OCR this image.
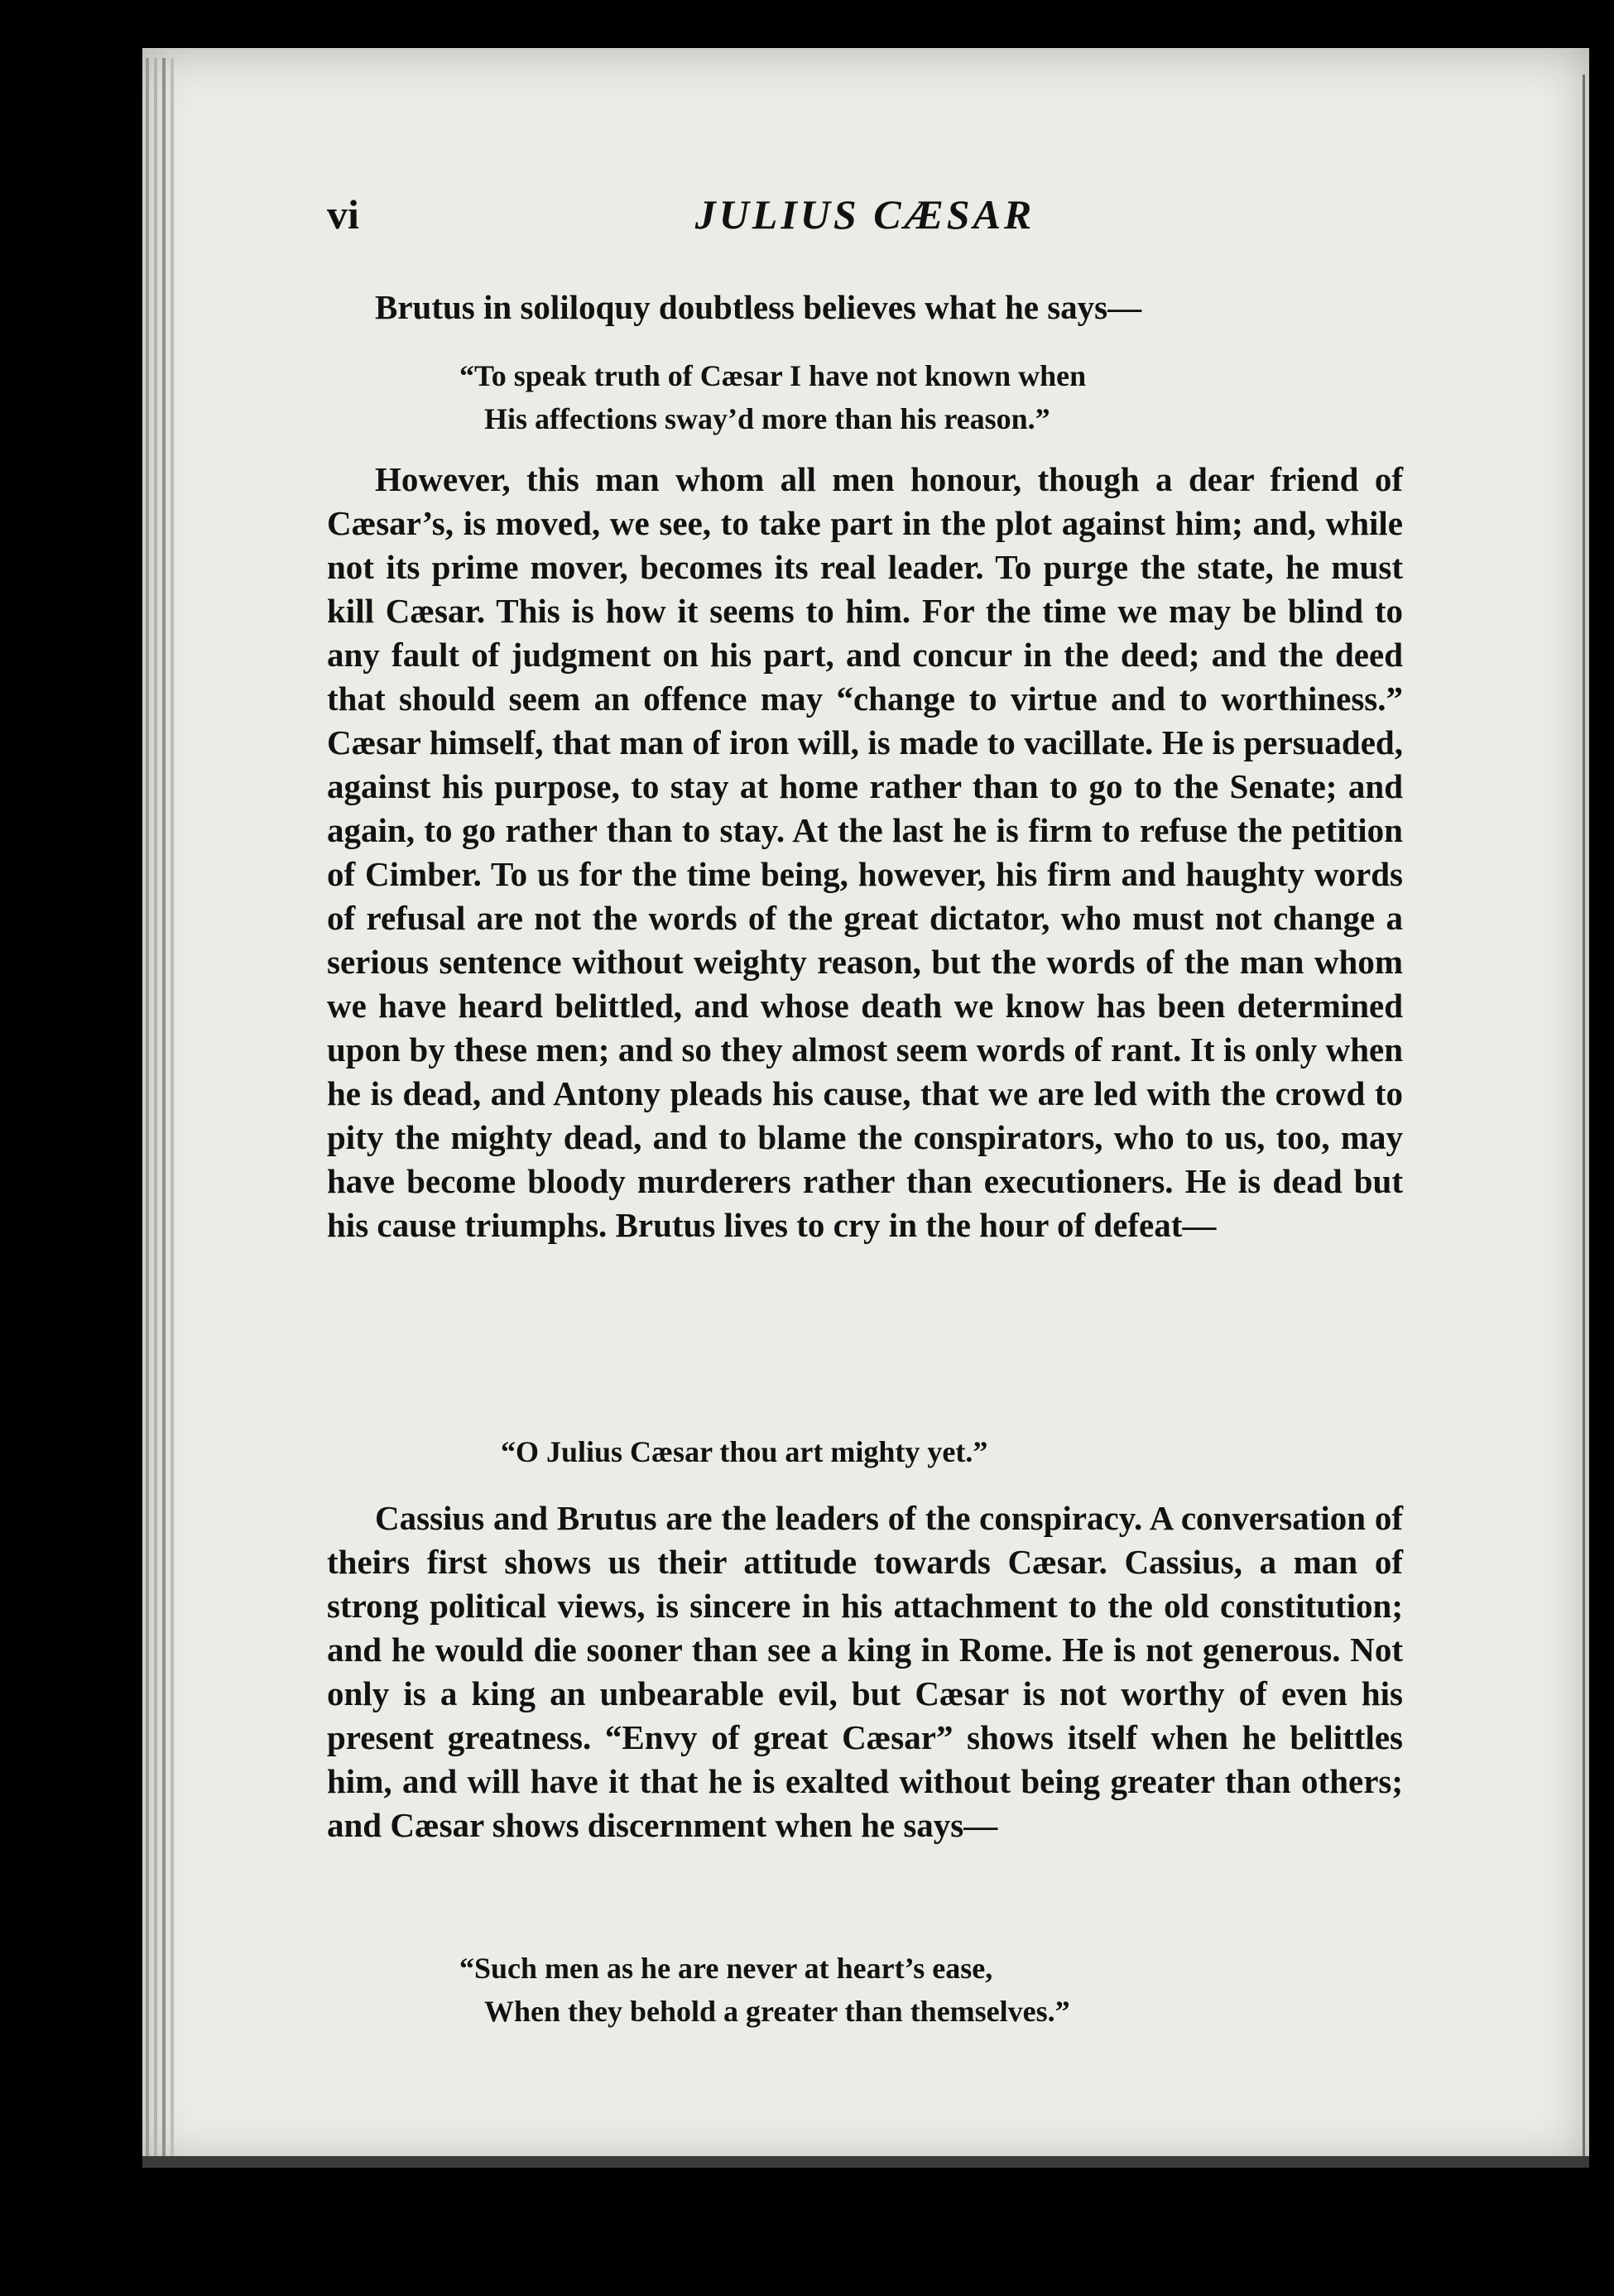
vi	JULIUS CÆSAR

Brutus in soliloquy doubtless believes what he says—

“To speak truth of Cæsar I have not known when
His affections sway’d more than his reason.”

However, this man whom all men honour, though a dear friend of Cæsar’s, is moved, we see, to take part in the plot against him; and, while not its prime mover, becomes its real leader. To purge the state, he must kill Cæsar. This is how it seems to him. For the time we may be blind to any fault of judgment on his part, and concur in the deed; and the deed that should seem an offence may “change to virtue and to worthiness.” Cæsar himself, that man of iron will, is made to vacillate. He is persuaded, against his purpose, to stay at home rather than to go to the Senate; and again, to go rather than to stay. At the last he is firm to refuse the petition of Cimber. To us for the time being, however, his firm and haughty words of refusal are not the words of the great dictator, who must not change a serious sentence without weighty reason, but the words of the man whom we have heard belittled, and whose death we know has been determined upon by these men; and so they almost seem words of rant. It is only when he is dead, and Antony pleads his cause, that we are led with the crowd to pity the mighty dead, and to blame the conspirators, who to us, too, may have become bloody murderers rather than executioners. He is dead but his cause triumphs. Brutus lives to cry in the hour of defeat—

“O Julius Cæsar thou art mighty yet.”

Cassius and Brutus are the leaders of the conspiracy. A conversation of theirs first shows us their attitude towards Cæsar. Cassius, a man of strong political views, is sincere in his attachment to the old constitution; and he would die sooner than see a king in Rome. He is not generous. Not only is a king an unbearable evil, but Cæsar is not worthy of even his present greatness. “Envy of great Cæsar” shows itself when he belittles him, and will have it that he is exalted without being greater than others; and Cæsar shows discernment when he says—

“Such men as he are never at heart’s ease,
When they behold a greater than themselves.”
